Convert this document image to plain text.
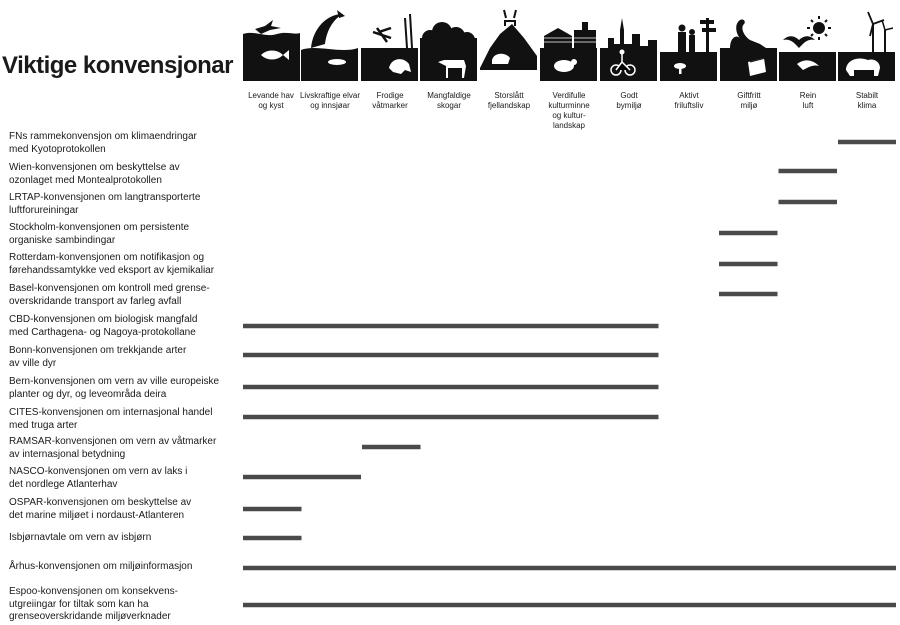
Viktige konvensjonar
Levande hav
og kyst
Livskraftige elvar
og innsjøar
Frodige
våtmarker
Mangfaldige
skogar
Storslått
fjellandskap
Verdifulle
kulturminne
og kultur-
landskap
Godt
bymiljø
Aktivt
friluftsliv
Giftfritt
miljø
Rein
luft
Stabilt
klima
FNs rammekonvensjon om klimaendringar
med Kyotoprotokollen
Wien-konvensjonen om beskyttelse av
ozonlaget med Montealprotokollen
LRTAP-konvensjonen om langtransporterte
luftforureiningar
Stockholm-konvensjonen om persistente
organiske sambindingar
Rotterdam-konvensjonen om notifikasjon og
førehandssamtykke ved eksport av kjemikaliar
Basel-konvensjonen om kontroll med grense-
overskridande transport av farleg avfall
CBD-konvensjonen om biologisk mangfald
med Carthagena- og Nagoya-protokollane
Bonn-konvensjonen om trekkjande arter
av ville dyr
Bern-konvensjonen om vern av ville europeiske
planter og dyr, og leveområda deira
CITES-konvensjonen om internasjonal handel
med truga arter
RAMSAR-konvensjonen om vern av våtmarker
av internasjonal betydning
NASCO-konvensjonen om vern av laks i
det nordlege Atlanterhav
OSPAR-konvensjonen om beskyttelse av
det marine miljøet i nordaust-Atlanteren
Isbjørnavtale om vern av isbjørn
Århus-konvensjonen om miljøinformasjon
Espoo-konvensjonen om konsekvens-
utgreiingar for tiltak som kan ha
grenseoverskridande miljøverknader
